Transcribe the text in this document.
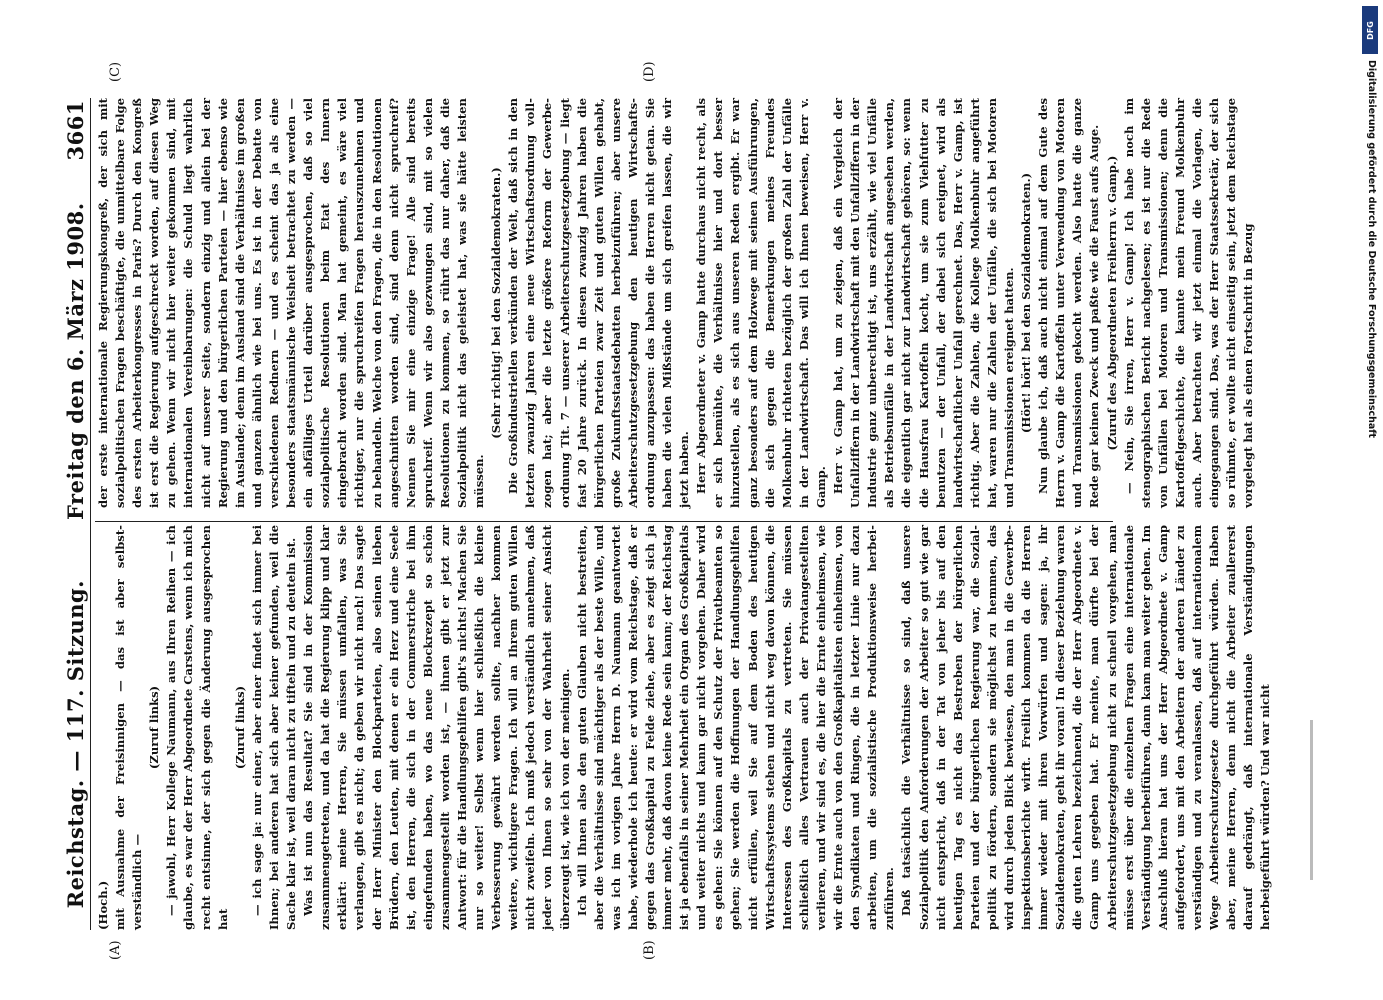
Reichstag. — 117. Sitzung.
Freitag den 6. März 1908.
3661

(Hoch.) mit Ausnahme der Freisinnigen — das ist aber selbstverständlich —

(Zuruf links) — jawohl, Herr Kollege Naumann, aus Ihren Reihen — ich glaube, es war der Herr Abgeordnete Carstens, wenn ich mich recht entsinne, der sich gegen die Änderung ausgesprochen hat

(Zuruf links) — ich sage ja: nur einer, aber einer findet sich immer bei Ihnen; bei anderen hat sich aber keiner gefunden, weil die Sache klar ist, weil daran nicht zu tifteln und zu deuteln ist. Was ist nun das Resultat? Sie sind in der Kommission zusammengetreten, und da hat die Regierung klipp und klar erklärt: meine Herren, Sie müssen umfallen, was Sie verlangen, gibt es nicht; da geben wir nicht nach! Das sagte der Herr Minister den Blockparteien, also seinen lieben Brüdern, den Leuten, mit denen er ein Herz und eine Seele ist, den Herren, die sich in der Commerstriche bei ihm eingefunden haben, wo das neue Blockrezept so schön zusammengestellt worden ist, — ihnen gibt er jetzt zur Antwort: für die Handlungsgehilfen gibt's nichts! Machen Sie nur so weiter! Selbst wenn hier schließlich die kleine Verbesserung gewährt werden sollte, nachher kommen weitere, wichtigere Fragen. Ich will an Ihrem guten Willen nicht zweifeln. Ich muß jedoch verständlich annehmen, daß jeder von Ihnen so sehr von der Wahrheit seiner Ansicht überzeugt ist, wie ich von der meinigen. Ich will Ihnen also den guten Glauben nicht bestreiten, aber die Verhältnisse sind mächtiger als der beste Wille, und was ich im vorigen Jahre Herrn D. Naumann geantwortet habe, wiederhole ich heute: er wird vom Reichstage, daß er gegen das Großkapital zu Felde ziehe, aber es zeigt sich ja immer mehr, daß davon keine Rede sein kann; der Reichstag ist ja ebenfalls in seiner Mehrheit ein Organ des Großkapitals und weiter nichts und kann gar nicht vorgehen. Daher wird es gehen: Sie können auf den Schutz der Privatbeamten so gehen; Sie werden die Hoffnungen der Handlungsgehilfen nicht erfüllen, weil Sie auf dem Boden des heutigen Wirtschaftssystems stehen und nicht weg davon können, die Interessen des Großkapitals zu vertreten. Sie müssen schließlich alles Vertrauen auch der Privatangestellten verlieren, und wir sind es, die hier die Ernte einheimsen, wie wir die Ernte auch von den Großkapitalisten einheimsen, von den Syndikaten und Ringen, die in letzter Linie nur dazu arbeiten, um die sozialistische Produktionsweise herbeizuführen. Daß tatsächlich die Verhältnisse so sind, daß unsere Sozialpolitik den Anforderungen der Arbeiter so gut wie gar nicht entspricht, daß in der Tat von jeher bis auf den heutigen Tag es nicht das Bestreben der bürgerlichen Parteien und der bürgerlichen Regierung war, die Sozialpolitik zu fördern, sondern sie möglichst zu hemmen, das wird durch jeden Blick bewiesen, den man in die Gewerbeinspektionsberichte wirft. Freilich kommen da die Herren immer wieder mit ihren Vorwürfen und sagen: ja, ihr Sozialdemokraten, geht ihr voran! In dieser Beziehung waren die guten Lehren bezeichnend, die der Herr Abgeordnete v. Gamp uns gegeben hat. Er meinte, man dürfte bei der Arbeiterschutzgesetzgebung nicht zu schnell vorgehen, man müsse erst über die einzelnen Fragen eine internationale Verständigung herbeiführen, dann kam man weiter gehen. Im Anschluß hieran hat uns der Herr Abgeordnete v. Gamp aufgefordert, uns mit den Arbeitern der anderen Länder zu verständigen und zu veranlassen, daß auf internationalem Wege Arbeiterschutzgesetze durchgeführt würden. Haben aber, meine Herren, denn nicht die Arbeiter zuallererst darauf gedrängt, daß internationale Verständigungen herbeigeführt würden? Und war nicht

der erste internationale Regierungskongreß, der sich mit sozialpolitischen Fragen beschäftigte, die unmittelbare Folge des ersten Arbeiterkongresses in Paris? Durch den Kongreß ist erst die Regierung aufgeschreckt worden, auf diesen Weg zu gehen. Wenn wir nicht hier weiter gekommen sind, mit internationalen Vereinbarungen: die Schuld liegt wahrlich nicht auf unserer Seite, sondern einzig und allein bei der Regierung und den bürgerlichen Parteien — hier ebenso wie im Auslande; denn im Ausland sind die Verhältnisse im großen und ganzen ähnlich wie bei uns. Es ist in der Debatte von verschiedenen Rednern — und es scheint das ja als eine besonders staatsmännische Weisheit betrachtet zu werden — ein abfälliges Urteil darüber ausgesprochen, daß so viel sozialpolitische Resolutionen beim Etat des Innern eingebracht worden sind. Man hat gemeint, es wäre viel richtiger, nur die spruchreifen Fragen herauszunehmen und zu behandeln. Welche von den Fragen, die in den Resolutionen angeschnitten worden sind, sind denn nicht spruchreif? Nennen Sie mir eine einzige Frage! Alle sind bereits spruchreif. Wenn wir also gezwungen sind, mit so vielen Resolutionen zu kommen, so rührt das nur daher, daß die Sozialpolitik nicht das geleistet hat, was sie hätte leisten müssen.

(Sehr richtig! bei den Sozialdemokraten.) Die Großindustriellen verkünden der Welt, daß sich in den letzten zwanzig Jahren eine neue Wirtschaftsordnung vollzogen hat; aber die letzte größere Reform der Gewerbeordnung Tit. 7 — unserer Arbeiterschutzgesetzgebung — liegt fast 20 Jahre zurück. In diesen zwanzig Jahren haben die bürgerlichen Parteien zwar Zeit und guten Willen gehabt, große Zukunftsstaatsdebatten herbeizuführen; aber unsere Arbeiterschutzgesetzgebung den heutigen Wirtschaftsordnung anzupassen: das haben die Herren nicht getan. Sie haben die vielen Mißstände um sich greifen lassen, die wir jetzt haben. Herr Abgeordneter v. Gamp hatte durchaus nicht recht, als er sich bemühte, die Verhältnisse hier und dort besser hinzustellen, als es sich aus unseren Reden ergibt. Er war ganz besonders auf dem Holzwege mit seinen Ausführungen, die sich gegen die Bemerkungen meines Freundes Molkenbuhr richteten bezüglich der großen Zahl der Unfälle in der Landwirtschaft. Das will ich Ihnen beweisen, Herr v. Gamp. Herr v. Gamp hat, um zu zeigen, daß ein Vergleich der Unfallziffern in der Landwirtschaft mit den Unfallziffern in der Industrie ganz unberechtigt ist, uns erzählt, wie viel Unfälle als Betriebsunfälle in der Landwirtschaft angesehen werden, die eigentlich gar nicht zur Landwirtschaft gehören, so: wenn die Hausfrau Kartoffeln kocht, um sie zum Viehfutter zu benutzen — der Unfall, der dabei sich ereignet, wird als landwirtschaftlicher Unfall gerechnet. Das, Herr v. Gamp, ist richtig. Aber die Zahlen, die Kollege Molkenbuhr angeführt hat, waren nur die Zahlen der Unfälle, die sich bei Motoren und Transmissionen ereignet hatten. (Hört! hört! bei den Sozialdemokraten.) Nun glaube ich, daß auch nicht einmal auf dem Gute des Herrn v. Gamp die Kartoffeln unter Verwendung von Motoren und Transmissionen gekocht werden. Also hatte die ganze Rede gar keinen Zweck und paßte wie die Faust aufs Auge. (Zuruf des Abgeordneten Freiherrn v. Gamp.) — Nein, Sie irren, Herr v. Gamp! Ich habe noch im stenographischen Bericht nachgelesen; es ist nur die Rede von Unfällen bei Motoren und Transmissionen; denn die Kartoffelgeschichte, die kannte mein Freund Molkenbuhr auch. Aber betrachten wir jetzt einmal die Vorlagen, die eingegangen sind. Das, was der Herr Staatssekretär, der sich so rühmte, er wollte nicht einseitig sein, jetzt dem Reichstage vorgelegt hat als einen Fortschritt in Bezug

(A)	(B)
(C)	(D)
DFG
Digitalisierung gefördert durch die Deutsche Forschungsgemeinschaft
